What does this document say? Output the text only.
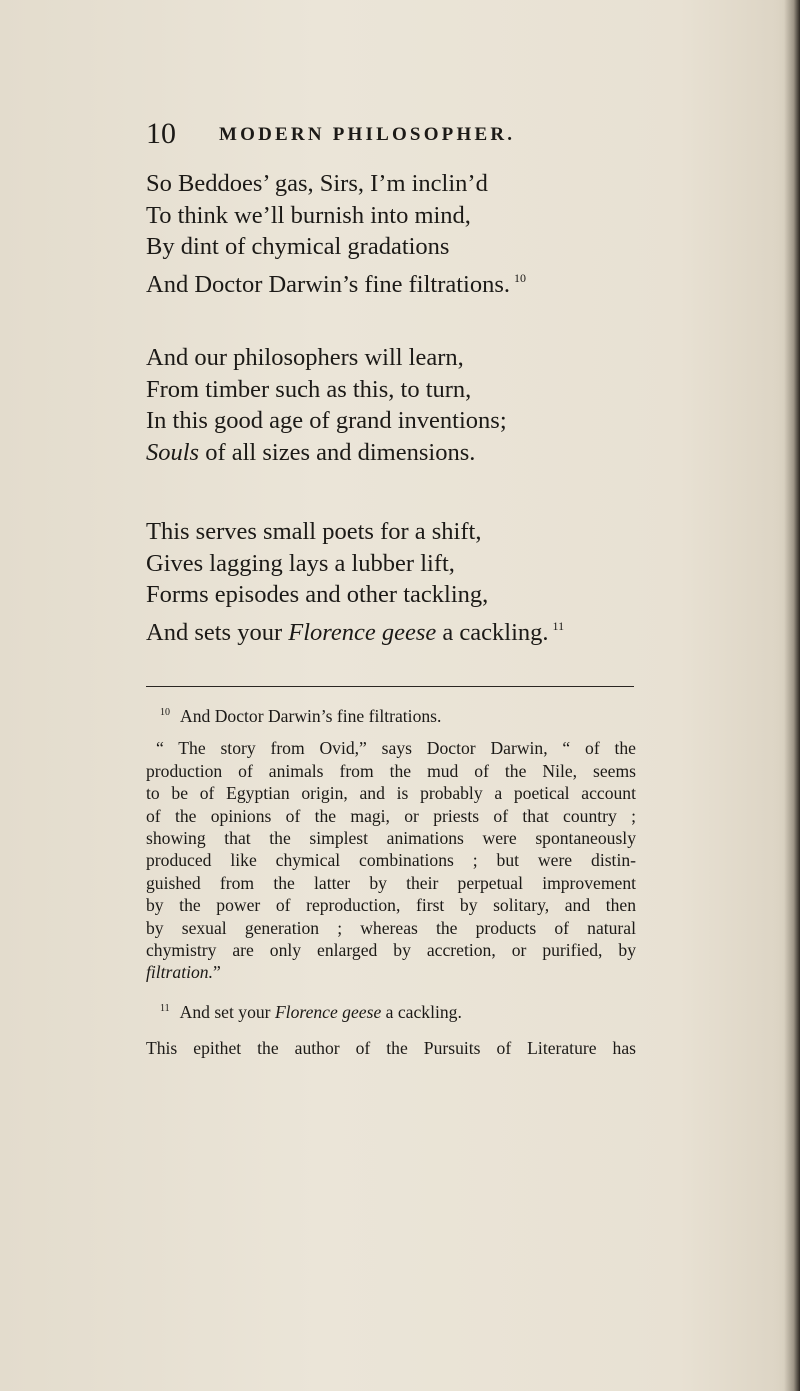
10 MODERN PHILOSOPHER.
So Beddoes’ gas, Sirs, I’m inclin’d
To think we’ll burnish into mind,
By dint of chymical gradations
And Doctor Darwin’s fine filtrations. $^{10}$
And our philosophers will learn,
From timber such as this, to turn,
In this good age of grand inventions;
Souls of all sizes and dimensions.
This serves small poets for a shift,
Gives lagging lays a lubber lift,
Forms episodes and other tackling,
And sets your Florence geese a cackling. $^{11}$
$^{10}$ And Doctor Darwin’s fine filtrations.
“ The story from Ovid,” says Doctor Darwin, “ of the
production of animals from the mud of the Nile, seems
to be of Egyptian origin, and is probably a poetical account
of the opinions of the magi, or priests of that country ;
showing that the simplest animations were spontaneously
produced like chymical combinations ; but were distin-
guished from the latter by their perpetual improvement
by the power of reproduction, first by solitary, and then
by sexual generation ; whereas the products of natural
chymistry are only enlarged by accretion, or purified, by
filtration.”
$^{11}$ And set your Florence geese a cackling.
This epithet the author of the Pursuits of Literature has
